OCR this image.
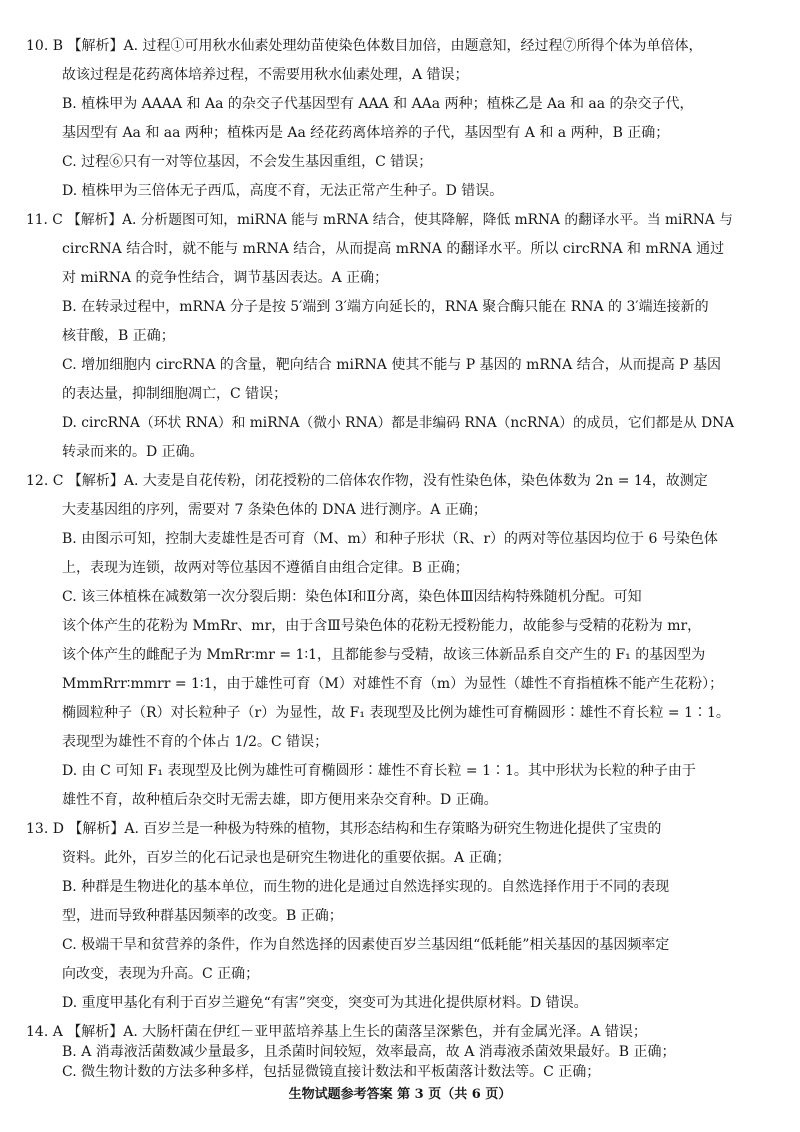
10. B 【解析】A. 过程①可用秋水仙素处理幼苗使染色体数目加倍，由题意知，经过程⑦所得个体为单倍体，
故该过程是花药离体培养过程，不需要用秋水仙素处理，A 错误；
B. 植株甲为 AAAA 和 Aa 的杂交子代基因型有 AAA 和 AAa 两种；植株乙是 Aa 和 aa 的杂交子代，
基因型有 Aa 和 aa 两种；植株丙是 Aa 经花药离体培养的子代，基因型有 A 和 a 两种，B 正确；
C. 过程⑥只有一对等位基因，不会发生基因重组，C 错误；
D. 植株甲为三倍体无子西瓜，高度不育，无法正常产生种子。D 错误。
11. C 【解析】A. 分析题图可知，miRNA 能与 mRNA 结合，使其降解，降低 mRNA 的翻译水平。当 miRNA 与
circRNA 结合时，就不能与 mRNA 结合，从而提高 mRNA 的翻译水平。所以 circRNA 和 mRNA 通过
对 miRNA 的竞争性结合，调节基因表达。A 正确；
B. 在转录过程中，mRNA 分子是按 5′端到 3′端方向延长的，RNA 聚合酶只能在 RNA 的 3′端连接新的
核苷酸，B 正确；
C. 增加细胞内 circRNA 的含量，靶向结合 miRNA 使其不能与 P 基因的 mRNA 结合，从而提高 P 基因
的表达量，抑制细胞凋亡，C 错误；
D. circRNA（环状 RNA）和 miRNA（微小 RNA）都是非编码 RNA（ncRNA）的成员，它们都是从 DNA
转录而来的。D 正确。
12. C 【解析】A. 大麦是自花传粉，闭花授粉的二倍体农作物，没有性染色体，染色体数为 2n = 14，故测定
大麦基因组的序列，需要对 7 条染色体的 DNA 进行测序。A 正确；
B. 由图示可知，控制大麦雄性是否可育（M、m）和种子形状（R、r）的两对等位基因均位于 6 号染色体
上，表现为连锁，故两对等位基因不遵循自由组合定律。B 正确；
C. 该三体植株在减数第一次分裂后期：染色体Ⅰ和Ⅱ分离，染色体Ⅲ因结构特殊随机分配。可知
该个体产生的花粉为 MmRr、mr，由于含Ⅲ号染色体的花粉无授粉能力，故能参与受精的花粉为 mr，
该个体产生的雌配子为 MmRr∶mr = 1∶1，且都能参与受精，故该三体新品系自交产生的 F₁ 的基因型为
MmmRrr∶mmrr = 1∶1，由于雄性可育（M）对雄性不育（m）为显性（雄性不育指植株不能产生花粉）；
椭圆粒种子（R）对长粒种子（r）为显性，故 F₁ 表现型及比例为雄性可育椭圆形∶雄性不育长粒 = 1∶1。
表现型为雄性不育的个体占 1/2。C 错误；
D. 由 C 可知 F₁ 表现型及比例为雄性可育椭圆形∶雄性不育长粒 = 1∶1。其中形状为长粒的种子由于
雄性不育，故种植后杂交时无需去雄，即方便用来杂交育种。D 正确。
13. D 【解析】A. 百岁兰是一种极为特殊的植物，其形态结构和生存策略为研究生物进化提供了宝贵的
资料。此外，百岁兰的化石记录也是研究生物进化的重要依据。A 正确；
B. 种群是生物进化的基本单位，而生物的进化是通过自然选择实现的。自然选择作用于不同的表现
型，进而导致种群基因频率的改变。B 正确；
C. 极端干旱和贫营养的条件，作为自然选择的因素使百岁兰基因组“低耗能”相关基因的基因频率定
向改变，表现为升高。C 正确；
D. 重度甲基化有利于百岁兰避免“有害”突变，突变可为其进化提供原材料。D 错误。
14. A 【解析】A. 大肠杆菌在伊红－亚甲蓝培养基上生长的菌落呈深紫色，并有金属光泽。A 错误；
B. A 消毒液活菌数减少量最多，且杀菌时间较短，效率最高，故 A 消毒液杀菌效果最好。B 正确；
C. 微生物计数的方法多种多样，包括显微镜直接计数法和平板菌落计数法等。C 正确；
生物试题参考答案 第 3 页（共 6 页）
